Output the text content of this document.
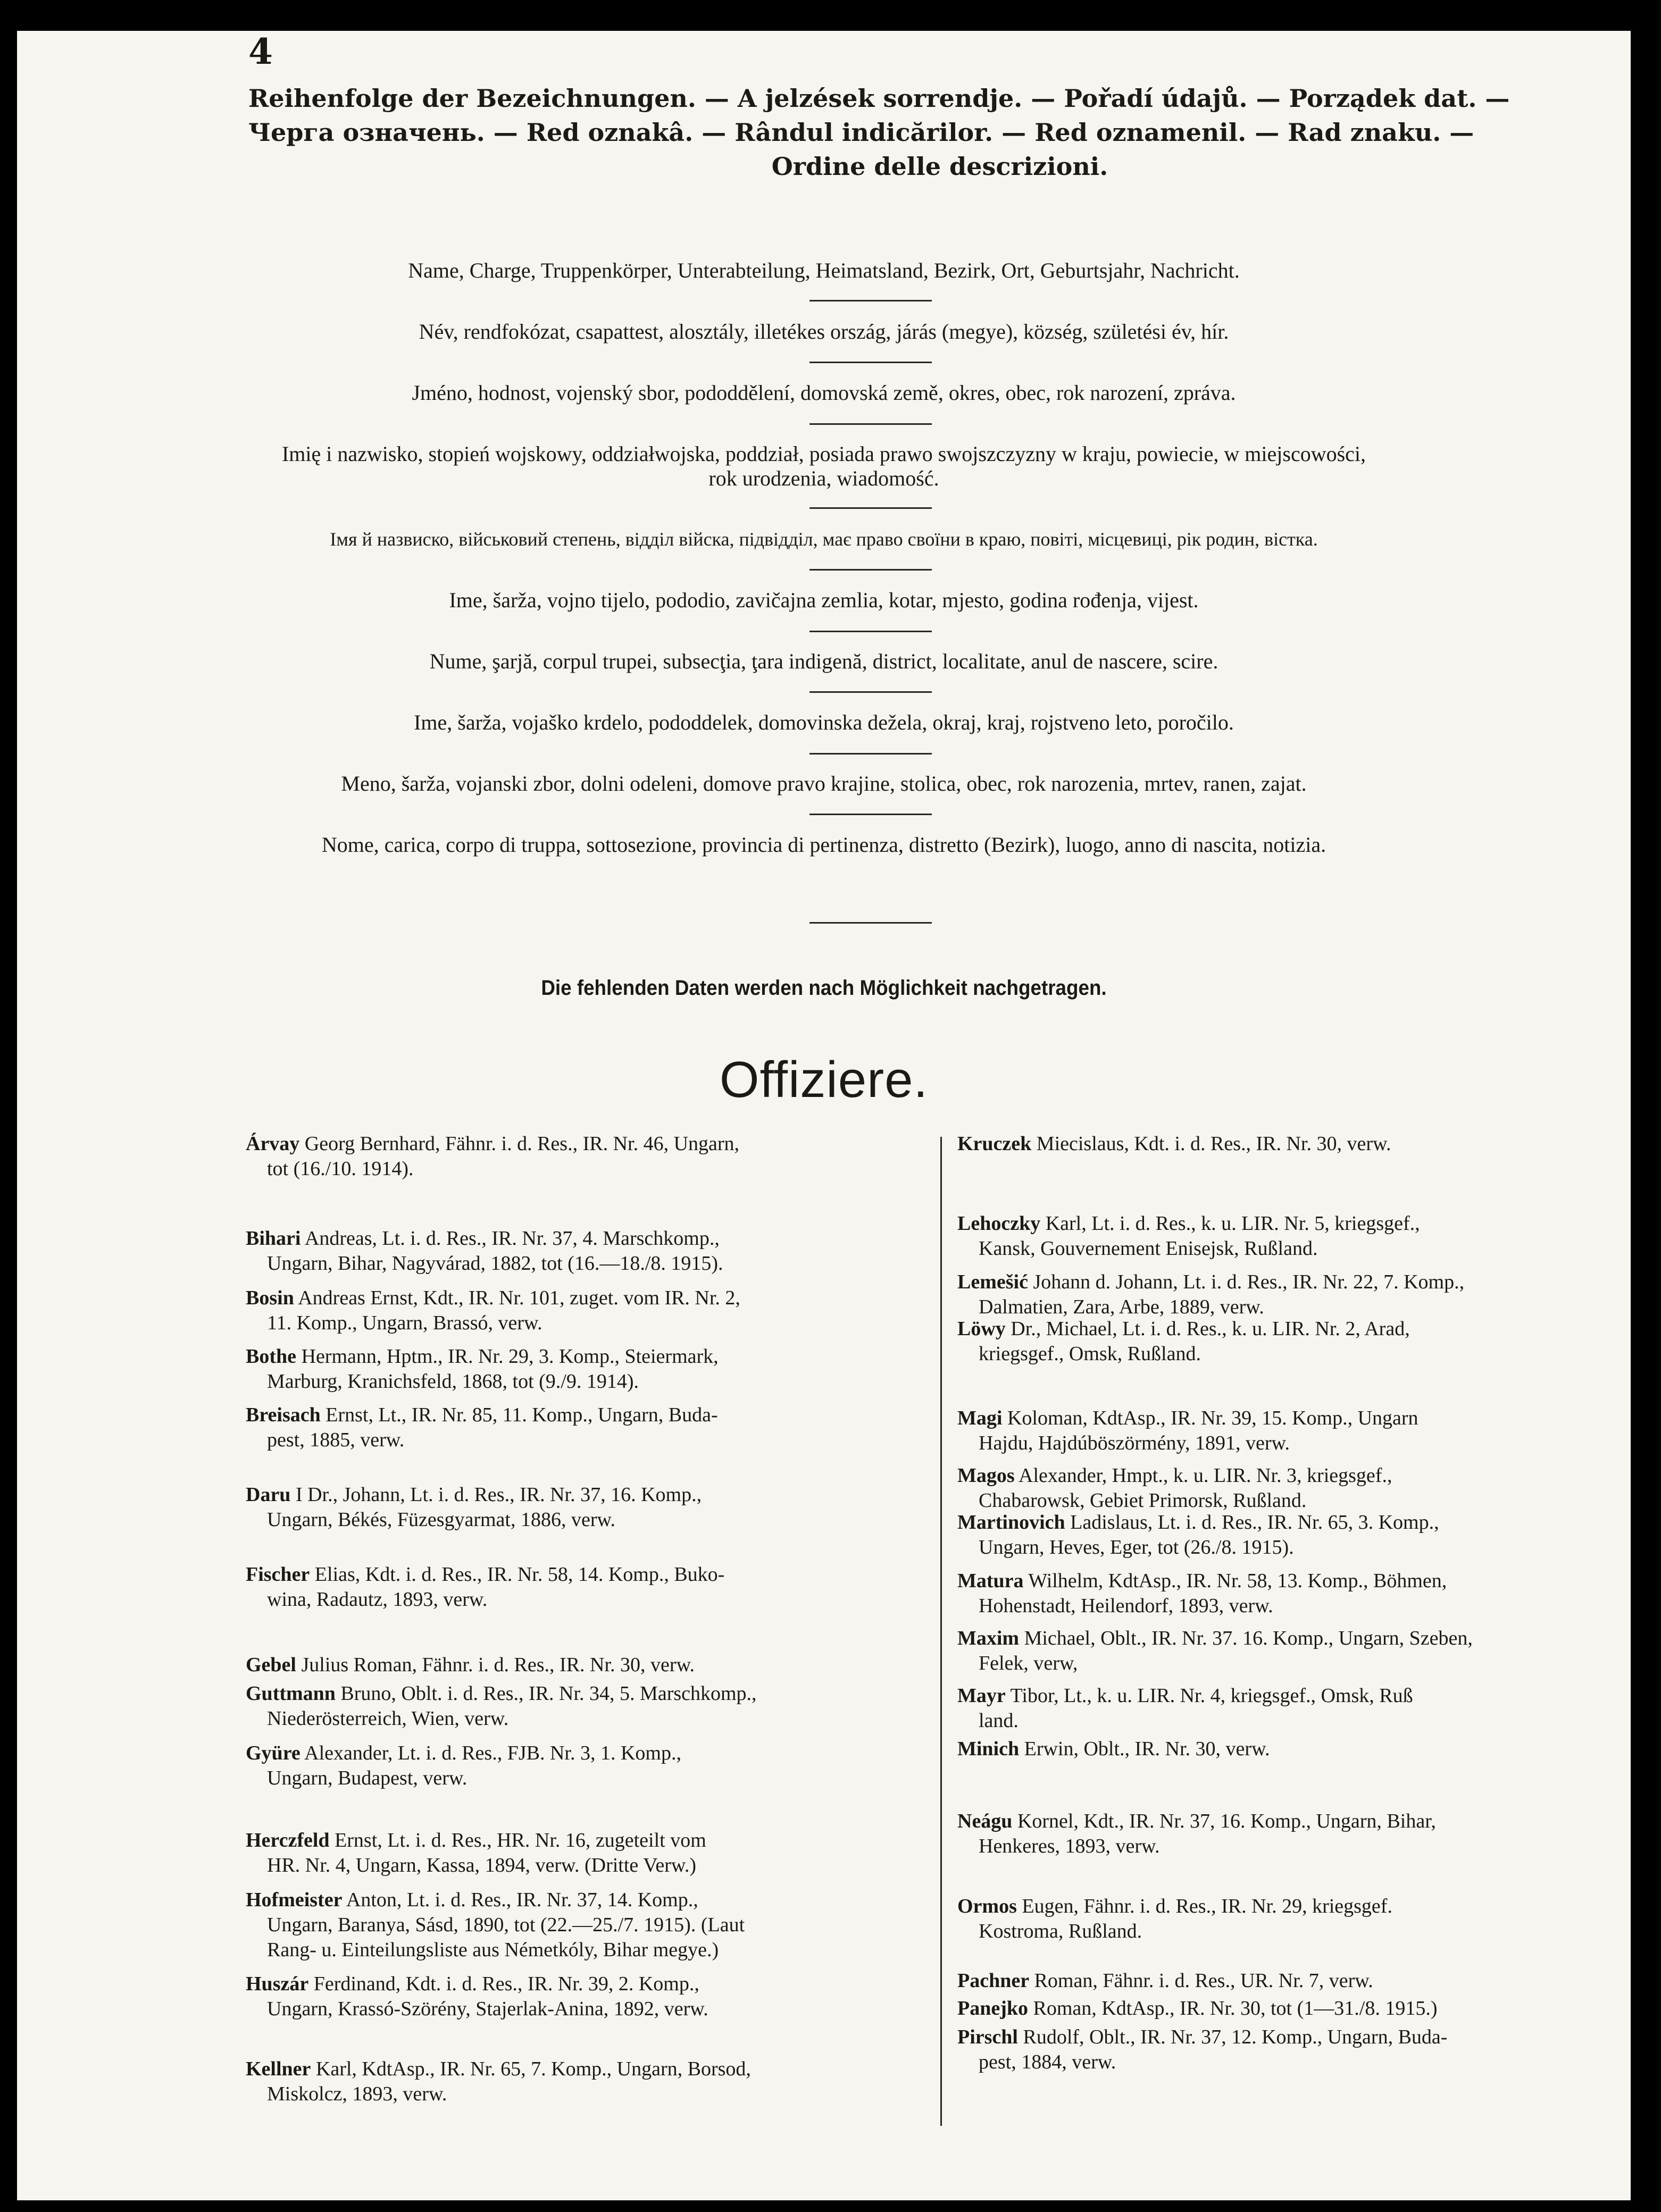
4
Reihenfolge der Bezeichnungen. — A jelzések sorrendje. — Pořadí údajů. — Porządek dat. —
Черга означень. — Red oznakâ. — Rândul indicărilor. — Red oznamenil. — Rad znaku. —
Ordine delle descrizioni.
Name, Charge, Truppenkörper, Unterabteilung, Heimatsland, Bezirk, Ort, Geburtsjahr, Nachricht.
Név, rendfokózat, csapattest, alosztály, illetékes ország, járás (megye), község, születési év, hír.
Jméno, hodnost, vojenský sbor, pododdělení, domovská země, okres, obec, rok narození, zpráva.
Imię i nazwisko, stopień wojskowy, oddziałwojska, poddział, posiada prawo swojszczyzny w kraju, powiecie, w miejscowości,
rok urodzenia, wiadomość.
Імя й назвиско, військовий степень, відділ війска, підвідділ, має право своїни в краю, повіті, місцевиці, рік родин, вістка.
Ime, šarža, vojno tijelo, pododio, zavičajna zemlia, kotar, mjesto, godina rođenja, vijest.
Nume, şarjă, corpul trupei, subsecţia, ţara indigenă, district, localitate, anul de nascere, scire.
Ime, šarža, vojaško krdelo, pododdelek, domovinska dežela, okraj, kraj, rojstveno leto, poročilo.
Meno, šarža, vojanski zbor, dolni odeleni, domove pravo krajine, stolica, obec, rok narozenia, mrtev, ranen, zajat.
Nome, carica, corpo di truppa, sottosezione, provincia di pertinenza, distretto (Bezirk), luogo, anno di nascita, notizia.
Die fehlenden Daten werden nach Möglichkeit nachgetragen.
Offiziere.
Árvay Georg Bernhard, Fähnr. i. d. Res., IR. Nr. 46, Ungarn,
tot (16./10. 1914).
Bihari Andreas, Lt. i. d. Res., IR. Nr. 37, 4. Marschkomp.,
Ungarn, Bihar, Nagyvárad, 1882, tot (16.—18./8. 1915).
Bosin Andreas Ernst, Kdt., IR. Nr. 101, zuget. vom IR. Nr. 2,
11. Komp., Ungarn, Brassó, verw.
Bothe Hermann, Hptm., IR. Nr. 29, 3. Komp., Steiermark,
Marburg, Kranichsfeld, 1868, tot (9./9. 1914).
Breisach Ernst, Lt., IR. Nr. 85, 11. Komp., Ungarn, Buda-
pest, 1885, verw.
Daru I Dr., Johann, Lt. i. d. Res., IR. Nr. 37, 16. Komp.,
Ungarn, Békés, Füzesgyarmat, 1886, verw.
Fischer Elias, Kdt. i. d. Res., IR. Nr. 58, 14. Komp., Buko-
wina, Radautz, 1893, verw.
Gebel Julius Roman, Fähnr. i. d. Res., IR. Nr. 30, verw.
Guttmann Bruno, Oblt. i. d. Res., IR. Nr. 34, 5. Marschkomp.,
Niederösterreich, Wien, verw.
Gyüre Alexander, Lt. i. d. Res., FJB. Nr. 3, 1. Komp.,
Ungarn, Budapest, verw.
Herczfeld Ernst, Lt. i. d. Res., HR. Nr. 16, zugeteilt vom
HR. Nr. 4, Ungarn, Kassa, 1894, verw. (Dritte Verw.)
Hofmeister Anton, Lt. i. d. Res., IR. Nr. 37, 14. Komp.,
Ungarn, Baranya, Sásd, 1890, tot (22.—25./7. 1915). (Laut
Rang- u. Einteilungsliste aus Németkóly, Bihar megye.)
Huszár Ferdinand, Kdt. i. d. Res., IR. Nr. 39, 2. Komp.,
Ungarn, Krassó-Szörény, Stajerlak-Anina, 1892, verw.
Kellner Karl, KdtAsp., IR. Nr. 65, 7. Komp., Ungarn, Borsod,
Miskolcz, 1893, verw.
Kruczek Miecislaus, Kdt. i. d. Res., IR. Nr. 30, verw.
Lehoczky Karl, Lt. i. d. Res., k. u. LIR. Nr. 5, kriegsgef.,
Kansk, Gouvernement Enisejsk, Rußland.
Lemešić Johann d. Johann, Lt. i. d. Res., IR. Nr. 22, 7. Komp.,
Dalmatien, Zara, Arbe, 1889, verw.
Löwy Dr., Michael, Lt. i. d. Res., k. u. LIR. Nr. 2, Arad,
kriegsgef., Omsk, Rußland.
Magi Koloman, KdtAsp., IR. Nr. 39, 15. Komp., Ungarn
Hajdu, Hajdúböszörmény, 1891, verw.
Magos Alexander, Hmpt., k. u. LIR. Nr. 3, kriegsgef.,
Chabarowsk, Gebiet Primorsk, Rußland.
Martinovich Ladislaus, Lt. i. d. Res., IR. Nr. 65, 3. Komp.,
Ungarn, Heves, Eger, tot (26./8. 1915).
Matura Wilhelm, KdtAsp., IR. Nr. 58, 13. Komp., Böhmen,
Hohenstadt, Heilendorf, 1893, verw.
Maxim Michael, Oblt., IR. Nr. 37. 16. Komp., Ungarn, Szeben,
Felek, verw,
Mayr Tibor, Lt., k. u. LIR. Nr. 4, kriegsgef., Omsk, Ruß
land.
Minich Erwin, Oblt., IR. Nr. 30, verw.
Neágu Kornel, Kdt., IR. Nr. 37, 16. Komp., Ungarn, Bihar,
Henkeres, 1893, verw.
Ormos Eugen, Fähnr. i. d. Res., IR. Nr. 29, kriegsgef.
Kostroma, Rußland.
Pachner Roman, Fähnr. i. d. Res., UR. Nr. 7, verw.
Panejko Roman, KdtAsp., IR. Nr. 30, tot (1—31./8. 1915.)
Pirschl Rudolf, Oblt., IR. Nr. 37, 12. Komp., Ungarn, Buda-
pest, 1884, verw.
